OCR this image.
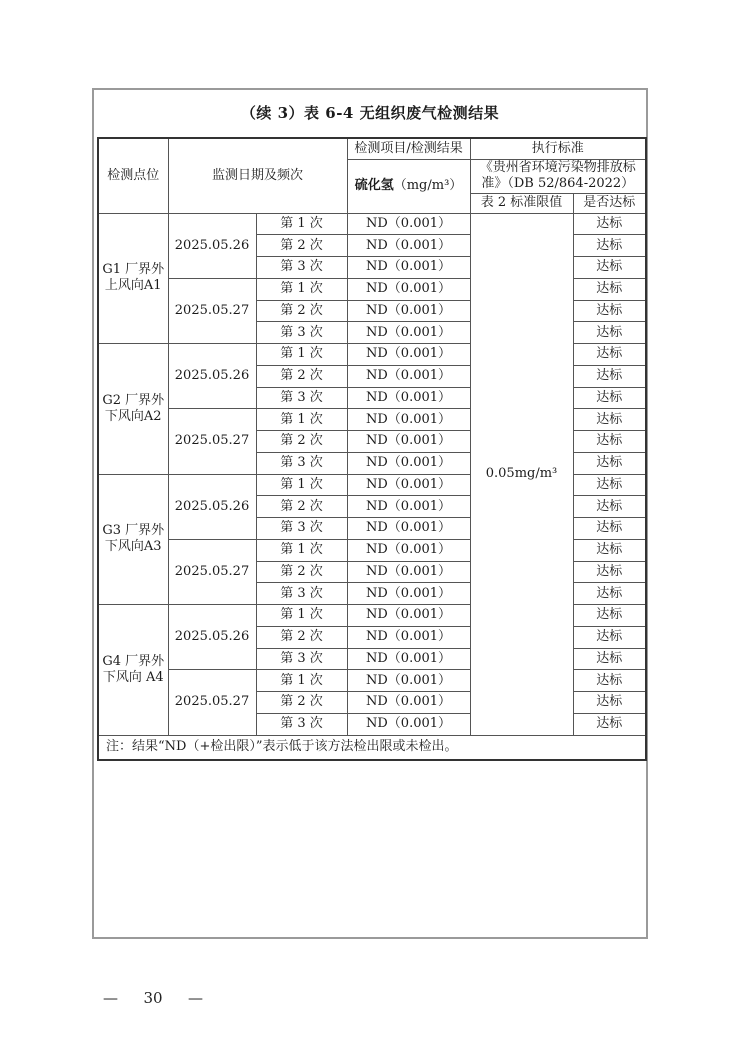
（续 3）表 6-4 无组织废气检测结果
检测点位	监测日期及频次		检测项目/检测结果	执行标准	
			硫化氢（mg/m³）	《贵州省环境污染物排放标
准》（DB 52/864-2022）	

				表 2 标准限值	是否达标

G1 厂界外
上风向A1	2025.05.26	第 1 次	ND（0.001）	0.05mg/m³	达标
		第 2 次	ND（0.001）		达标
		第 3 次	ND（0.001）		达标
	2025.05.27	第 1 次	ND（0.001）		达标
		第 2 次	ND（0.001）		达标
		第 3 次	ND（0.001）		达标

G2 厂界外
下风向A2	2025.05.26	第 1 次	ND（0.001）		达标
		第 2 次	ND（0.001）		达标
		第 3 次	ND（0.001）		达标
	2025.05.27	第 1 次	ND（0.001）		达标
		第 2 次	ND（0.001）		达标
		第 3 次	ND（0.001）		达标

G3 厂界外
下风向A3	2025.05.26	第 1 次	ND（0.001）		达标
		第 2 次	ND（0.001）		达标
		第 3 次	ND（0.001）		达标
	2025.05.27	第 1 次	ND（0.001）		达标
		第 2 次	ND（0.001）		达标
		第 3 次	ND（0.001）		达标

G4 厂界外
下风向 A4	2025.05.26	第 1 次	ND（0.001）		达标
		第 2 次	ND（0.001）		达标
		第 3 次	ND（0.001）		达标
	2025.05.27	第 1 次	ND（0.001）		达标
		第 2 次	ND（0.001）		达标
		第 3 次	ND（0.001）		达标
注：结果“ND（+检出限）”表示低于该方法检出限或未检出。					
— 30 —
